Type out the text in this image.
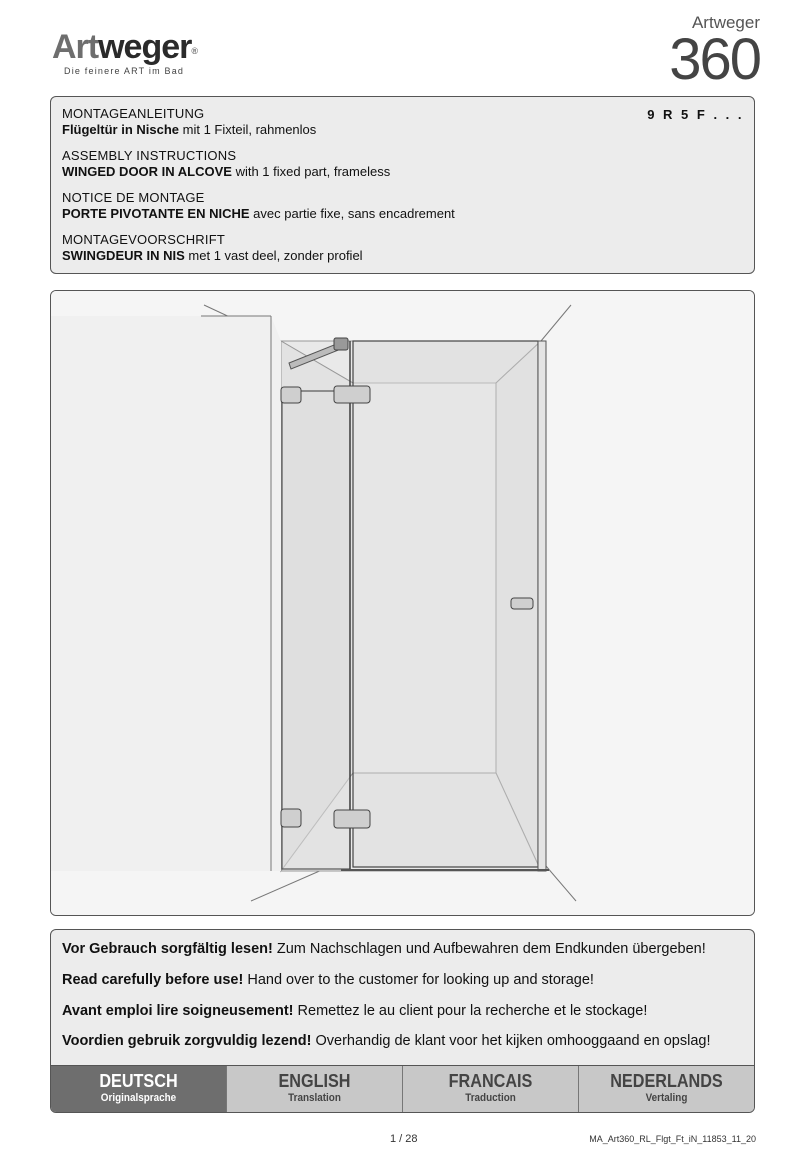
Artweger®
Die feinere ART im Bad
Artweger
360
9 R 5 F . . .
MONTAGEANLEITUNG
Flügeltür in Nische mit 1 Fixteil, rahmenlos
ASSEMBLY INSTRUCTIONS
WINGED DOOR IN ALCOVE with 1 fixed part, frameless
NOTICE DE MONTAGE
PORTE PIVOTANTE EN NICHE avec partie fixe, sans encadrement
MONTAGEVOORSCHRIFT
SWINGDEUR IN NIS met 1 vast deel, zonder profiel
Vor Gebrauch sorgfältig lesen! Zum Nachschlagen und Aufbewahren dem Endkunden übergeben!
Read carefully before use! Hand over to the customer for looking up and storage!
Avant emploi lire soigneusement! Remettez le au client pour la recherche et le stockage!
Voordien gebruik zorgvuldig lezend! Overhandig de klant voor het kijken omhooggaand en opslag!
DEUTSCH
Originalsprache
ENGLISH
Translation
FRANCAIS
Traduction
NEDERLANDS
Vertaling
1 / 28	MA_Art360_RL_Flgt_Ft_iN_11853_11_20
